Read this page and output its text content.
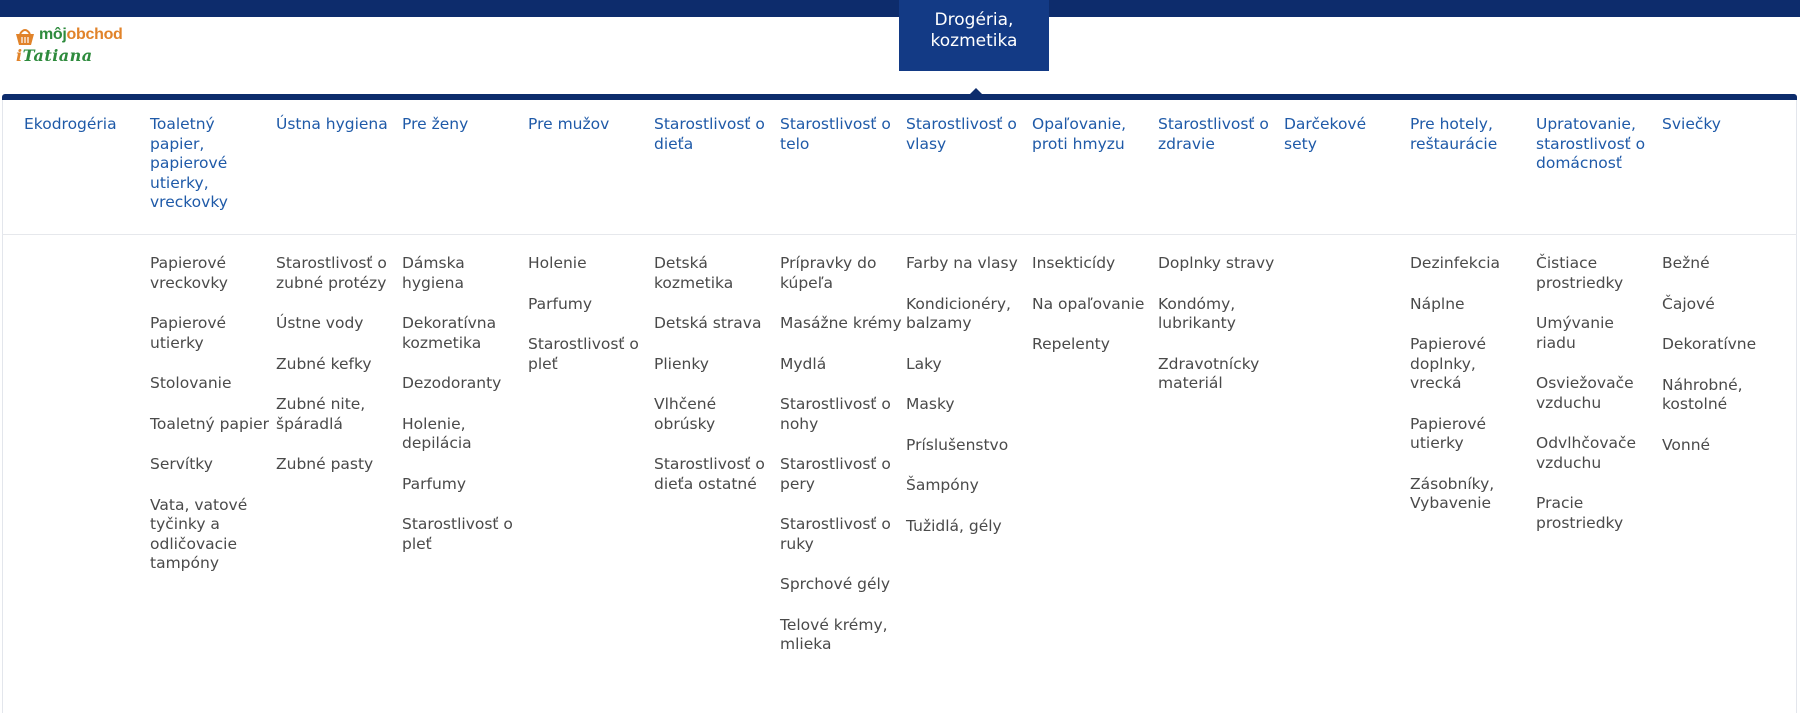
môjobchod
iTatiana
Drogéria, kozmetika
Ekodrogéria	Toaletný papier, papierové utierky, vreckovky
Papierové vreckovky
Papierové utierky
Stolovanie
Toaletný papier
Servítky
Vata, vatové tyčinky a odličovacie tampóny
Ústna hygiena
Starostlivosť o zubné protézy
Ústne vody
Zubné kefky
Zubné nite, špáradlá
Zubné pasty
Pre ženy
Dámska hygiena
Dekoratívna kozmetika
Dezodoranty
Holenie, depilácia
Parfumy
Starostlivosť o pleť
Pre mužov
Holenie
Parfumy
Starostlivosť o pleť
Starostlivosť o dieťa
Detská kozmetika
Detská strava
Plienky
Vlhčené obrúsky
Starostlivosť o dieťa ostatné
Starostlivosť o telo
Prípravky do kúpeľa
Masážne krémy
Mydlá
Starostlivosť o nohy
Starostlivosť o pery
Starostlivosť o ruky
Sprchové gély
Telové krémy, mlieka
Starostlivosť o vlasy
Farby na vlasy
Kondicionéry, balzamy
Laky
Masky
Príslušenstvo
Šampóny
Tužidlá, gély
Opaľovanie, proti hmyzu
Insekticídy
Na opaľovanie
Repelenty
Starostlivosť o zdravie
Doplnky stravy
Kondómy, lubrikanty
Zdravotnícky materiál
Darčekové sety
Pre hotely, reštaurácie
Dezinfekcia
Náplne
Papierové doplnky, vrecká
Papierové utierky
Zásobníky, Vybavenie
Upratovanie, starostlivosť o domácnosť
Čistiace prostriedky
Umývanie riadu
Osviežovače vzduchu
Odvlhčovače vzduchu
Pracie prostriedky
Sviečky
Bežné
Čajové
Dekoratívne
Náhrobné, kostolné
Vonné
